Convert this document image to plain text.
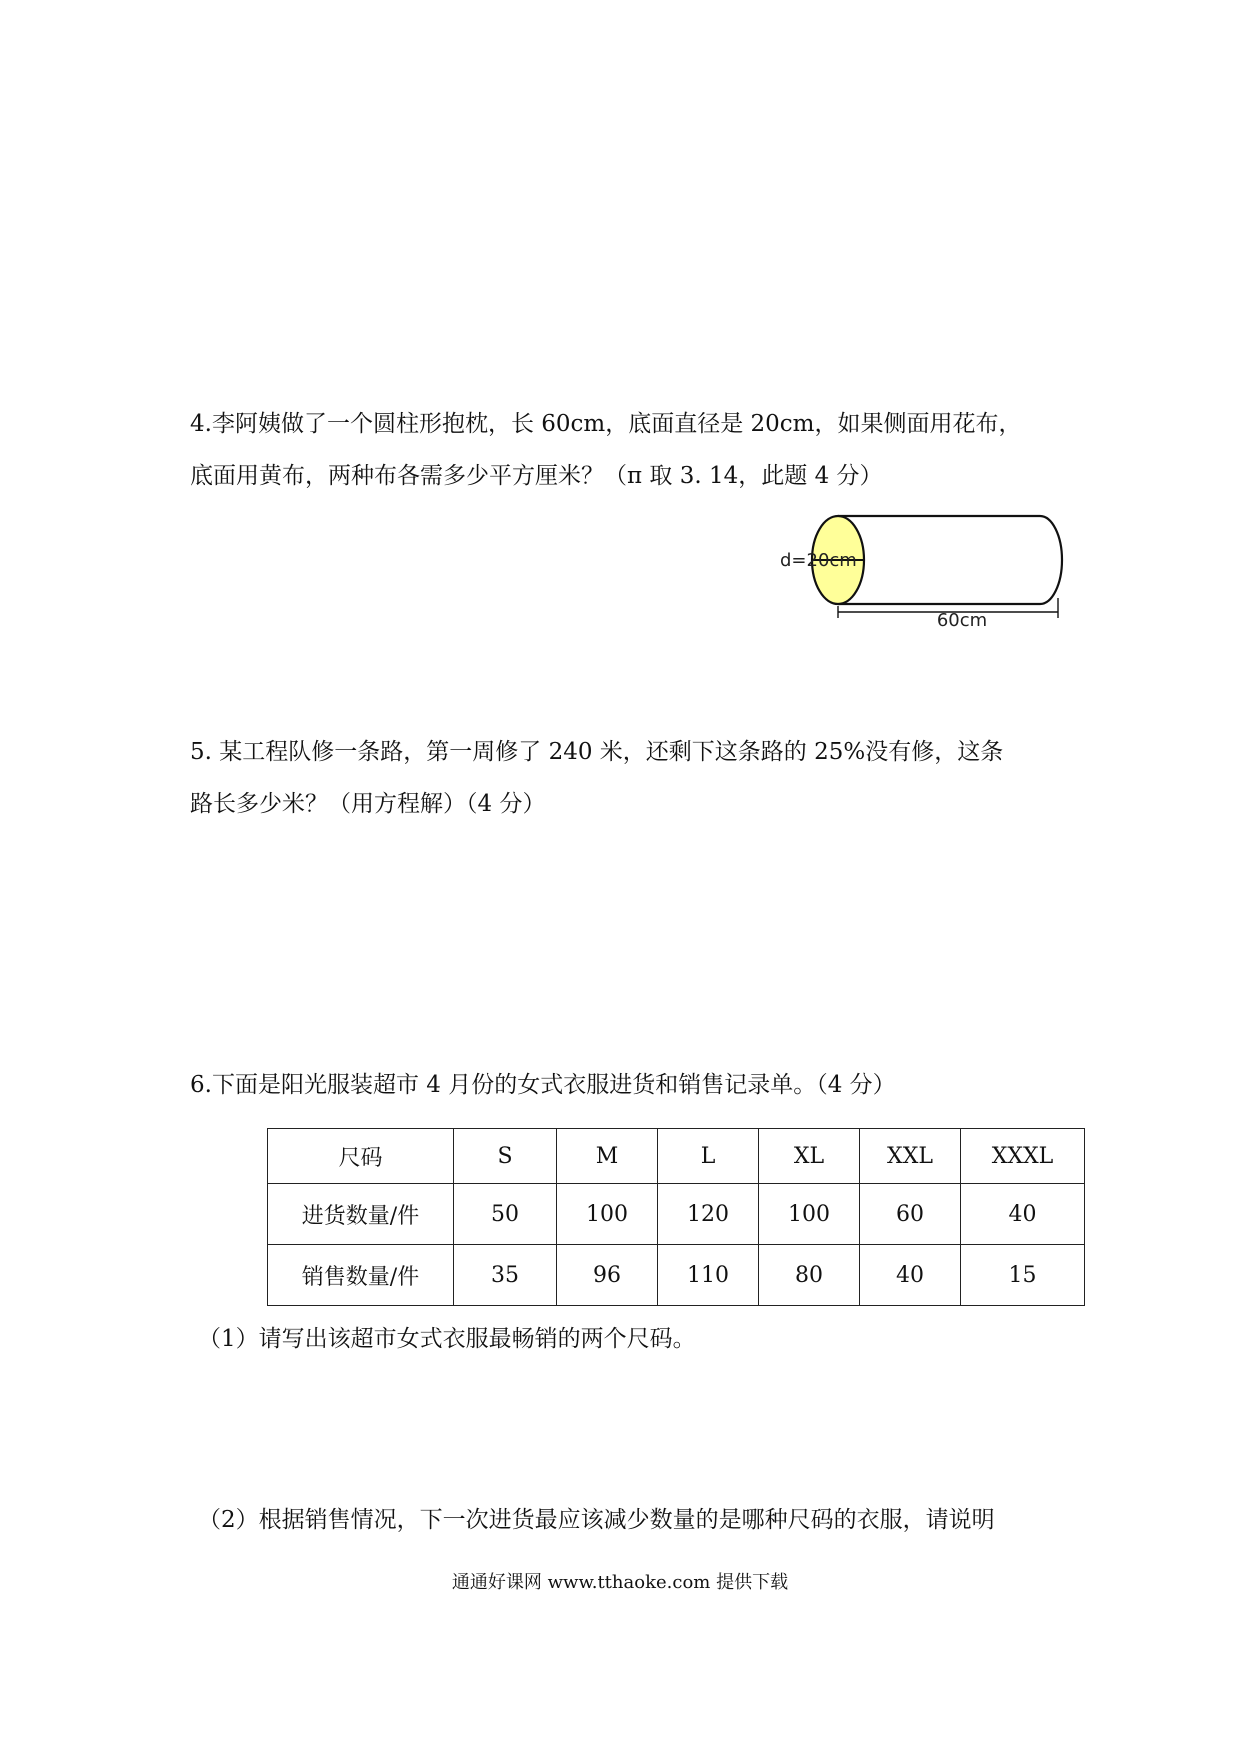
4.李阿姨做了一个圆柱形抱枕，长 60cm，底面直径是 20cm，如果侧面用花布，
底面用黄布，两种布各需多少平方厘米？（π 取 3. 14，此题 4 分）
d=20cm
60cm
5. 某工程队修一条路，第一周修了 240 米，还剩下这条路的 25%没有修，这条
路长多少米？（用方程解）（4 分）
6.下面是阳光服装超市 4 月份的女式衣服进货和销售记录单。（4 分）
尺码	S	M	L	XL	XXL	XXXL
进货数量/件	50	100	120	100	60	40
销售数量/件	35	96	110	80	40	15
（1）请写出该超市女式衣服最畅销的两个尺码。
（2）根据销售情况，下一次进货最应该减少数量的是哪种尺码的衣服，请说明
通通好课网 www.tthaoke.com 提供下载
